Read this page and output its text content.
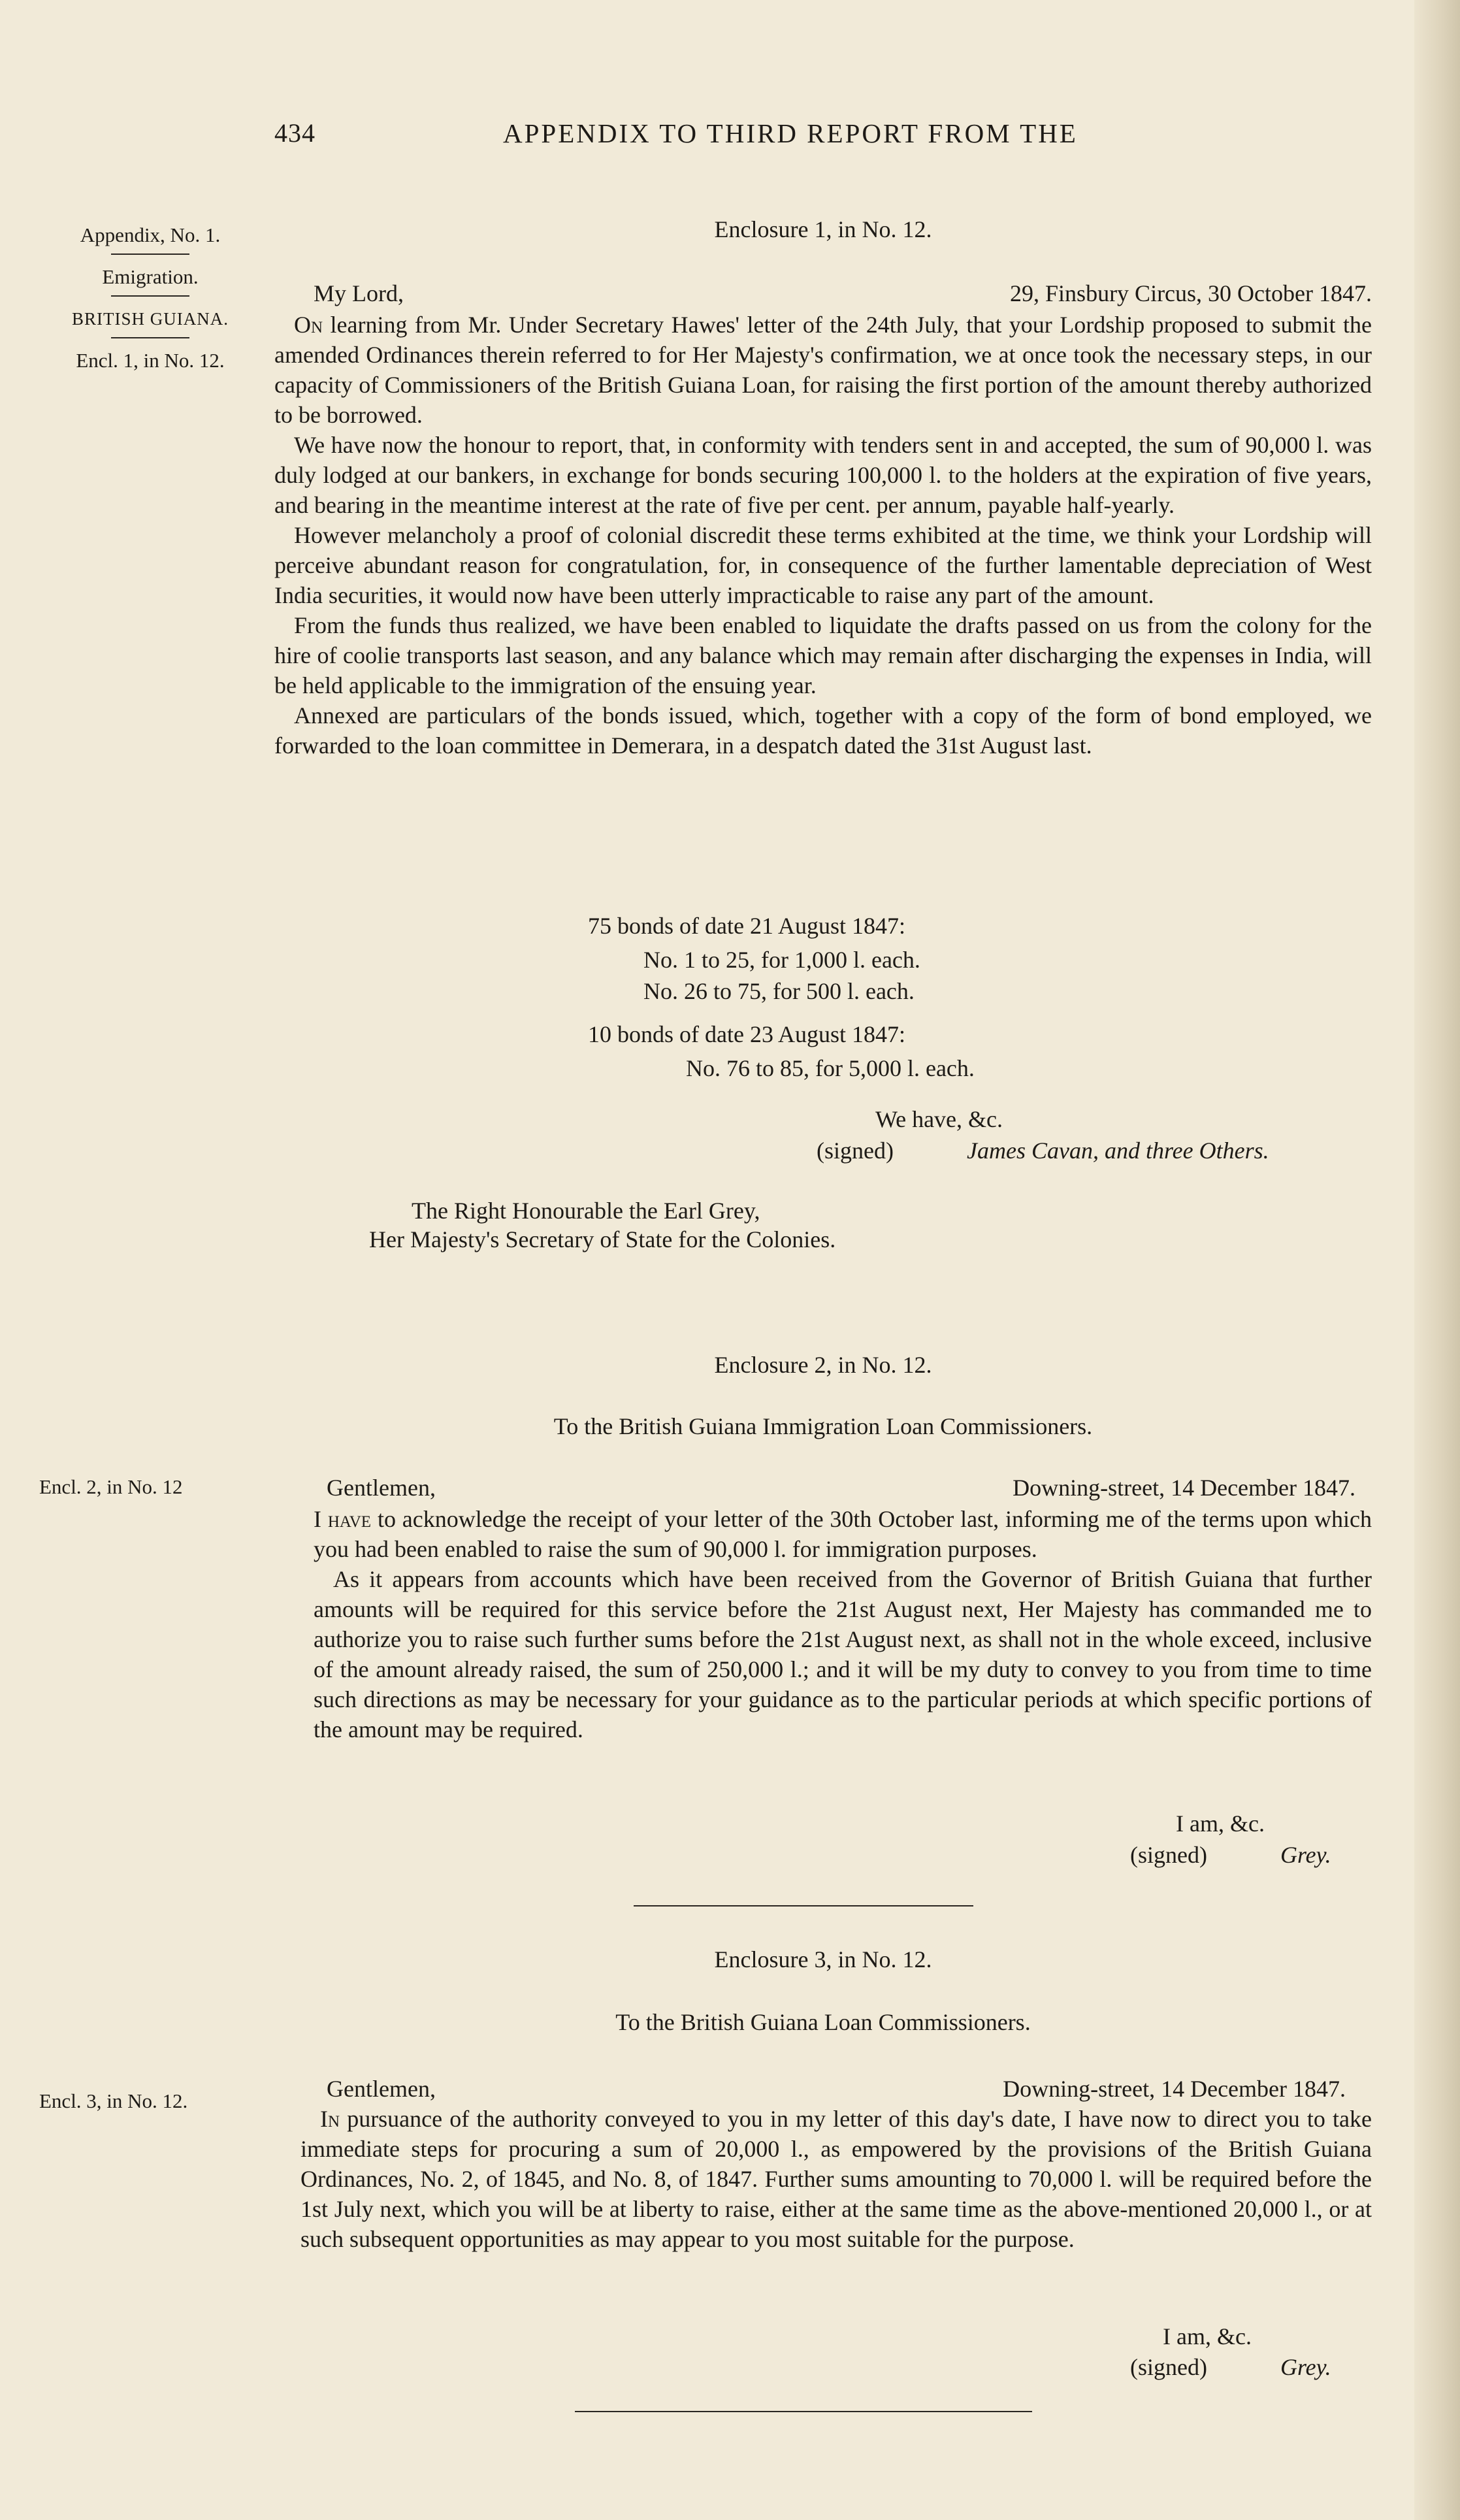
434	APPENDIX TO THIRD REPORT FROM THE
Appendix, No. 1.
Emigration.
BRITISH GUIANA.
Encl. 1, in No. 12.
Encl. 2, in No. 12
Encl. 3, in No. 12.
Enclosure 1, in No. 12.
My Lord,	29, Finsbury Circus, 30 October 1847.

On learning from Mr. Under Secretary Hawes' letter of the 24th July, that your Lordship proposed to submit the amended Ordinances therein referred to for Her Majesty's confirmation, we at once took the necessary steps, in our capacity of Commissioners of the British Guiana Loan, for raising the first portion of the amount thereby authorized to be borrowed.

We have now the honour to report, that, in conformity with tenders sent in and accepted, the sum of 90,000 l. was duly lodged at our bankers, in exchange for bonds securing 100,000 l. to the holders at the expiration of five years, and bearing in the meantime interest at the rate of five per cent. per annum, payable half-yearly.

However melancholy a proof of colonial discredit these terms exhibited at the time, we think your Lordship will perceive abundant reason for congratulation, for, in consequence of the further lamentable depreciation of West India securities, it would now have been utterly impracticable to raise any part of the amount.

From the funds thus realized, we have been enabled to liquidate the drafts passed on us from the colony for the hire of coolie transports last season, and any balance which may remain after discharging the expenses in India, will be held applicable to the immigration of the ensuing year.

Annexed are particulars of the bonds issued, which, together with a copy of the form of bond employed, we forwarded to the loan committee in Demerara, in a despatch dated the 31st August last.

75 bonds of date 21 August 1847:
No. 1 to 25, for 1,000 l. each.
No. 26 to 75, for 500 l. each.
10 bonds of date 23 August 1847:
No. 76 to 85, for 5,000 l. each.
We have, &c.
(signed)	James Cavan, and three Others.
The Right Honourable the Earl Grey,
Her Majesty's Secretary of State for the Colonies.
Enclosure 2, in No. 12.
To the British Guiana Immigration Loan Commissioners.
Gentlemen,	Downing-street, 14 December 1847.

I have to acknowledge the receipt of your letter of the 30th October last, informing me of the terms upon which you had been enabled to raise the sum of 90,000 l. for immigration purposes.

As it appears from accounts which have been received from the Governor of British Guiana that further amounts will be required for this service before the 21st August next, Her Majesty has commanded me to authorize you to raise such further sums before the 21st August next, as shall not in the whole exceed, inclusive of the amount already raised, the sum of 250,000 l.; and it will be my duty to convey to you from time to time such directions as may be necessary for your guidance as to the particular periods at which specific portions of the amount may be required.

I am, &c.
(signed)	Grey.
Enclosure 3, in No. 12.
To the British Guiana Loan Commissioners.
Gentlemen,	Downing-street, 14 December 1847.

In pursuance of the authority conveyed to you in my letter of this day's date, I have now to direct you to take immediate steps for procuring a sum of 20,000 l., as empowered by the provisions of the British Guiana Ordinances, No. 2, of 1845, and No. 8, of 1847. Further sums amounting to 70,000 l. will be required before the 1st July next, which you will be at liberty to raise, either at the same time as the above-mentioned 20,000 l., or at such subsequent opportunities as may appear to you most suitable for the purpose.

I am, &c.
(signed)	Grey.
